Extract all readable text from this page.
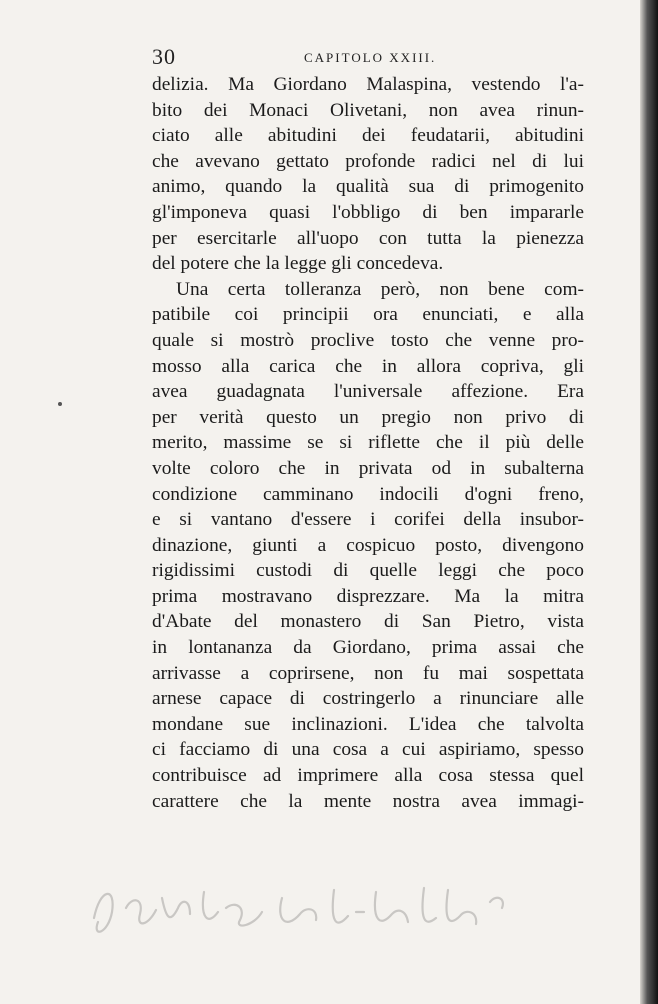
30	CAPITOLO XXIII.
delizia. Ma Giordano Malaspina, vestendo l'a-
bito dei Monaci Olivetani, non avea rinun-
ciato alle abitudini dei feudatarii, abitudini
che avevano gettato profonde radici nel di lui
animo, quando la qualità sua di primogenito
gl'imponeva quasi l'obbligo di ben impararle
per esercitarle all'uopo con tutta la pienezza
del potere che la legge gli concedeva.
Una certa tolleranza però, non bene com-
patibile coi principii ora enunciati, e alla
quale si mostrò proclive tosto che venne pro-
mosso alla carica che in allora copriva, gli
avea guadagnata l'universale affezione. Era
per verità questo un pregio non privo di
merito, massime se si riflette che il più delle
volte coloro che in privata od in subalterna
condizione camminano indocili d'ogni freno,
e si vantano d'essere i corifei della insubor-
dinazione, giunti a cospicuo posto, divengono
rigidissimi custodi di quelle leggi che poco
prima mostravano disprezzare. Ma la mitra
d'Abate del monastero di San Pietro, vista
in lontananza da Giordano, prima assai che
arrivasse a coprirsene, non fu mai sospettata
arnese capace di costringerlo a rinunciare alle
mondane sue inclinazioni. L'idea che talvolta
ci facciamo di una cosa a cui aspiriamo, spesso
contribuisce ad imprimere alla cosa stessa quel
carattere che la mente nostra avea immagi-
